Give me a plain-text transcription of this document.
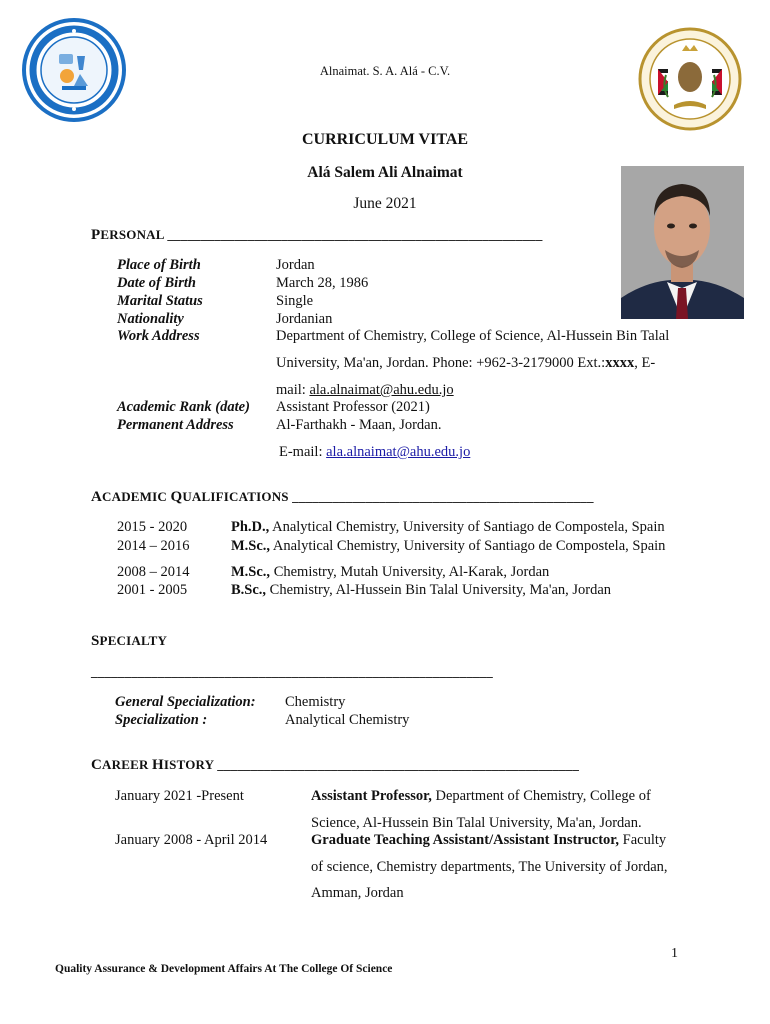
Alnaimat. S. A. Alá - C.V.
CURRICULUM VITAE
Alá Salem Ali Alnaimat
June 2021
PERSONAL ________________________________________________________
Place of Birth	Jordan
Date of Birth	March 28, 1986
Marital Status	Single
Nationality	Jordanian
Work Address	Department of Chemistry, College of Science, Al-Hussein Bin Talal
University, Ma'an, Jordan. Phone: +962-3-2179000 Ext.:xxxx, E-
mail: ala.alnaimat@ahu.edu.jo
Academic Rank (date) Assistant Professor (2021)
Permanent Address	Al-Farthakh - Maan, Jordan.
E-mail: ala.alnaimat@ahu.edu.jo
ACADEMIC QUALIFICATIONS _____________________________________________
2015 - 2020	Ph.D., Analytical Chemistry, University of Santiago de Compostela, Spain
2014 – 2016	M.Sc., Analytical Chemistry, University of Santiago de Compostela, Spain
2008 – 2014	M.Sc., Chemistry, Mutah University, Al-Karak, Jordan
2001 - 2005	B.Sc., Chemistry, Al-Hussein Bin Talal University, Ma'an, Jordan
SPECIALTY
____________________________________________________________
General Specialization: Chemistry
Specialization :	Analytical Chemistry
CAREER HISTORY ______________________________________________________
January 2021 -Present	Assistant Professor, Department of Chemistry, College of
Science, Al-Hussein Bin Talal University, Ma'an, Jordan.
January 2008 - April 2014	Graduate Teaching Assistant/Assistant Instructor, Faculty
of science, Chemistry departments, The University of Jordan,
Amman, Jordan
1
Quality Assurance & Development Affairs At The College Of Science
